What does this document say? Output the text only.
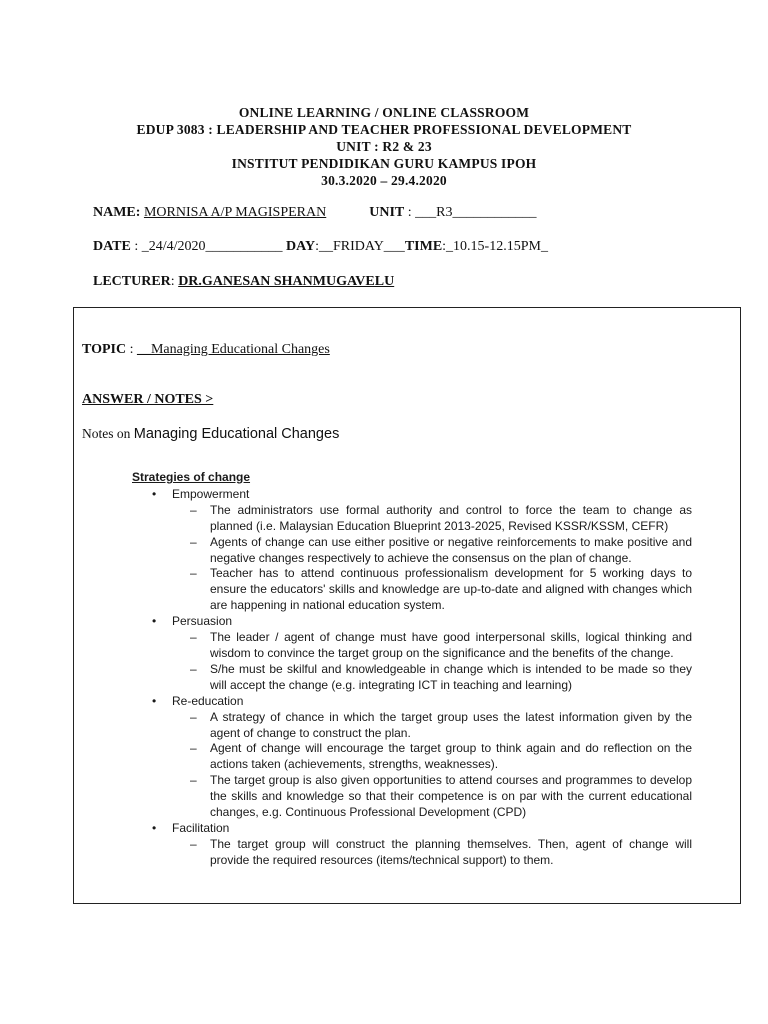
ONLINE LEARNING / ONLINE CLASSROOM
EDUP 3083 : LEADERSHIP AND TEACHER PROFESSIONAL DEVELOPMENT
UNIT : R2 & 23
INSTITUT PENDIDIKAN GURU KAMPUS IPOH
30.3.2020 – 29.4.2020
NAME: MORNISA A/P MAGISPERAN	UNIT : ___R3____________
DATE : _24/4/2020___________ DAY:__FRIDAY___TIME:_10.15-12.15PM_
LECTURER: DR.GANESAN SHANMUGAVELU
TOPIC : __Managing Educational Changes
ANSWER / NOTES >
Notes on Managing Educational Changes
Strategies of change
• Empowerment
– The administrators use formal authority and control to force the team to change as planned (i.e. Malaysian Education Blueprint 2013-2025, Revised KSSR/KSSM, CEFR)
– Agents of change can use either positive or negative reinforcements to make positive and negative changes respectively to achieve the consensus on the plan of change.
– Teacher has to attend continuous professionalism development for 5 working days to ensure the educators' skills and knowledge are up-to-date and aligned with changes which are happening in national education system.
• Persuasion
– The leader / agent of change must have good interpersonal skills, logical thinking and wisdom to convince the target group on the significance and the benefits of the change.
– S/he must be skilful and knowledgeable in change which is intended to be made so they will accept the change (e.g. integrating ICT in teaching and learning)
• Re-education
– A strategy of chance in which the target group uses the latest information given by the agent of change to construct the plan.
– Agent of change will encourage the target group to think again and do reflection on the actions taken (achievements, strengths, weaknesses).
– The target group is also given opportunities to attend courses and programmes to develop the skills and knowledge so that their competence is on par with the current educational changes, e.g. Continuous Professional Development (CPD)
• Facilitation
– The target group will construct the planning themselves. Then, agent of change will provide the required resources (items/technical support) to them.
